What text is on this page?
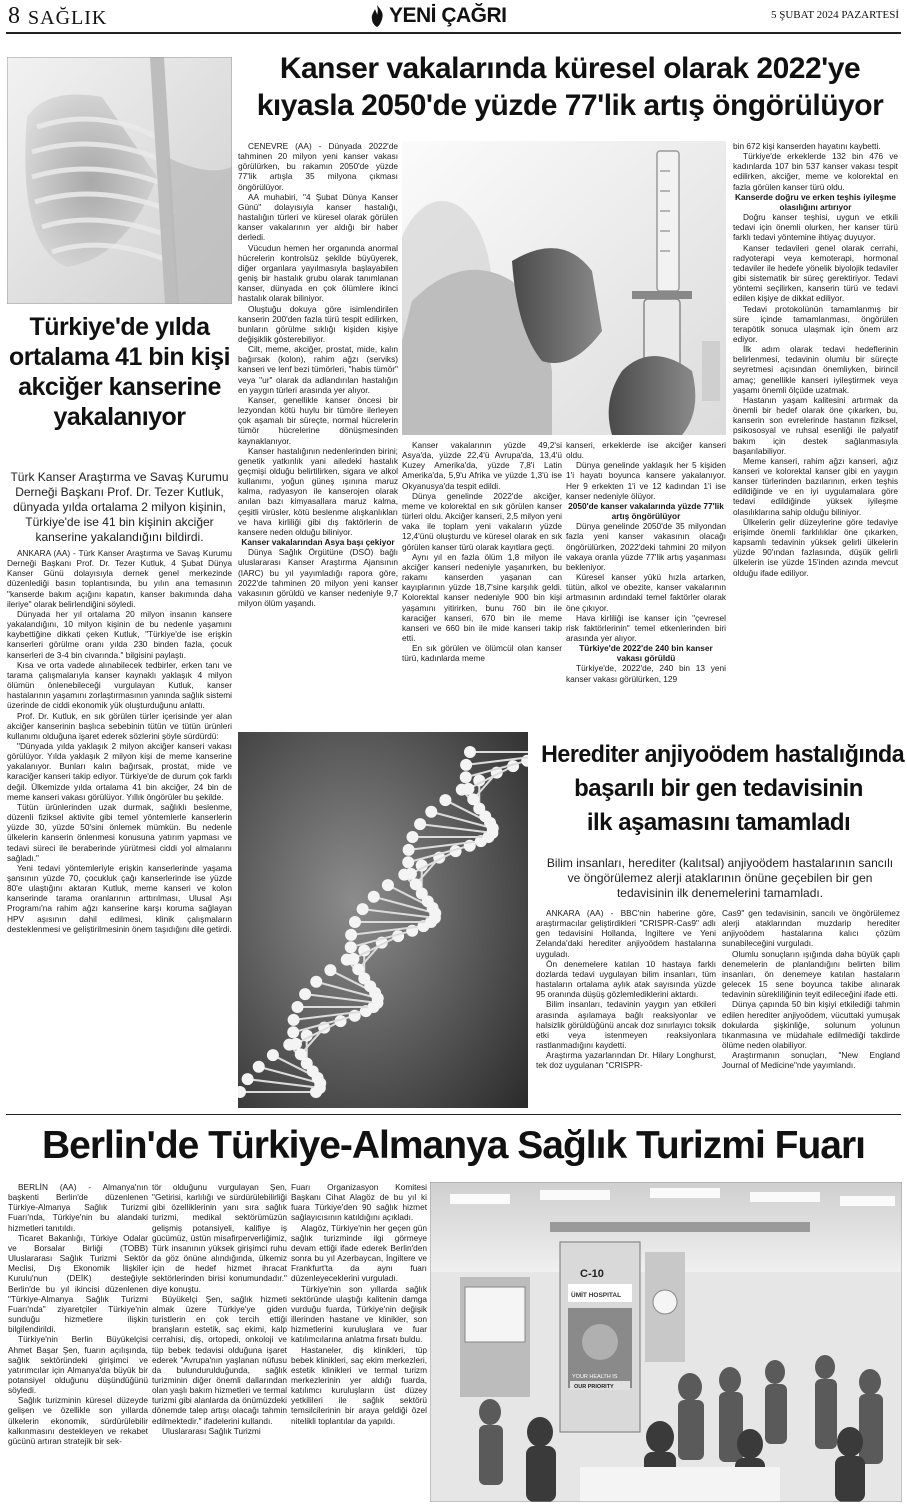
8 SAĞLIK	YENİ ÇAĞRI	5 ŞUBAT 2024 PAZARTESİ
Türkiye'de yılda
ortalama 41 bin kişi
akciğer kanserine
yakalanıyor
Türk Kanser Araştırma ve Savaş Kurumu Derneği Başkanı Prof. Dr. Tezer Kutluk, dünyada yılda ortalama 2 milyon kişinin, Türkiye'de ise 41 bin kişinin akciğer kanserine yakalandığını bildirdi.

ANKARA (AA) - Türk Kanser Araştırma ve Savaş Kurumu Derneği Başkanı Prof. Dr. Tezer Kutluk, 4 Şubat Dünya Kanser Günü dolayısıyla dernek genel merkezinde düzenlediği basın toplantısında, bu yılın ana temasının "kanserde bakım açığını kapatın, kanser bakımında daha ileriye" olarak belirlendiğini söyledi.

Dünyada her yıl ortalama 20 milyon insanın kansere yakalandığını, 10 milyon kişinin de bu nedenle yaşamını kaybettiğine dikkati çeken Kutluk, "Türkiye'de ise erişkin kanserleri görülme oranı yılda 230 binden fazla, çocuk kanserleri de 3-4 bin civarında." bilgisini paylaştı.

Kısa ve orta vadede alınabilecek tedbirler, erken tanı ve tarama çalışmalarıyla kanser kaynaklı yaklaşık 4 milyon ölümün önlenebileceği vurgulayan Kutluk, kanser hastalarının yaşamını zorlaştırmasının yanında sağlık sistemi üzerinde de ciddi ekonomik yük oluşturduğunu anlattı.

Prof. Dr. Kutluk, en sık görülen türler içerisinde yer alan akciğer kanserinin başlıca sebebinin tütün ve tütün ürünleri kullanımı olduğuna işaret ederek sözlerini şöyle sürdürdü:

"Dünyada yılda yaklaşık 2 milyon akciğer kanseri vakası görülüyor. Yılda yaklaşık 2 milyon kişi de meme kanserine yakalanıyor. Bunları kalın bağırsak, prostat, mide ve karaciğer kanseri takip ediyor. Türkiye'de de durum çok farklı değil. Ülkemizde yılda ortalama 41 bin akciğer, 24 bin de meme kanseri vakası görülüyor. Yıllık öngörüler bu şekilde.

Tütün ürünlerinden uzak durmak, sağlıklı beslenme, düzenli fiziksel aktivite gibi temel yöntemlerle kanserlerin yüzde 30, yüzde 50'sini önlemek mümkün. Bu nedenle ülkelerin kanserin önlenmesi konusuna yatırım yapması ve tedavi süreci ile beraberinde yürütmesi ciddi yol almalarını sağladı."

Yeni tedavi yöntemleriyle erişkin kanserlerinde yaşama şansının yüzde 70, çocukluk çağı kanserlerinde ise yüzde 80'e ulaştığını aktaran Kutluk, meme kanseri ve kolon kanserinde tarama oranlarının arttırılması, Ulusal Aşı Programı'na rahim ağzı kanserine karşı koruma sağlayan HPV aşısının dahil edilmesi, klinik çalışmaların desteklenmesi ve geliştirilmesinin önem taşıdığını dile getirdi.

Kanser vakalarında küresel olarak 2022'ye
kıyasla 2050'de yüzde 77'lik artış öngörülüyor

CENEVRE (AA) - Dünyada 2022'de tahminen 20 milyon yeni kanser vakası görülürken, bu rakamın 2050'de yüzde 77'lik artışla 35 milyona çıkması öngörülüyor.

AA muhabiri, "4 Şubat Dünya Kanser Günü" dolayısıyla kanser hastalığı, hastalığın türleri ve küresel olarak görülen kanser vakalarının yer aldığı bir haber derledi.

Vücudun hemen her organında anormal hücrelerin kontrolsüz şekilde büyüyerek, diğer organlara yayılmasıyla başlayabilen geniş bir hastalık grubu olarak tanımlanan kanser, dünyada en çok ölümlere ikinci hastalık olarak biliniyor.

Oluştuğu dokuya göre isimlendirilen kanserin 200'den fazla türü tespit edilirken, bunların görülme sıklığı kişiden kişiye değişiklik gösterebiliyor.

Cilt, meme, akciğer, prostat, mide, kalın bağırsak (kolon), rahim ağzı (serviks) kanseri ve lenf bezi tümörleri, "habis tümör" veya "ur" olarak da adlandırılan hastalığın en yaygın türleri arasında yer alıyor.

Kanser, genellikle kanser öncesi bir lezyondan kötü huylu bir tümöre ilerleyen çok aşamalı bir süreçte, normal hücrelerin tümör hücrelerine dönüşmesinden kaynaklanıyor.

Kanser hastalığının nedenlerinden birini; genetik yatkınlık yani ailedeki hastalık geçmişi olduğu belirtilirken, sigara ve alkol kullanımı, yoğun güneş ışınına maruz kalma, radyasyon ile kanserojen olarak anılan bazı kimyasallara maruz kalma, çeşitli virüsler, kötü beslenme alışkanlıkları ve hava kirliliği gibi dış faktörlerin de kansere neden olduğu biliniyor.

Kanser vakalarından Asya başı çekiyor

Dünya Sağlık Örgütüne (DSÖ) bağlı uluslararası Kanser Araştırma Ajansının (IARC) bu yıl yayımladığı rapora göre, 2022'de tahminen 20 milyon yeni kanser vakasının görüldü ve kanser nedeniyle 9,7 milyon ölüm yaşandı.

Kanser vakalarının yüzde 49,2'si Asya'da, yüzde 22,4'ü Avrupa'da, 13,4'ü Kuzey Amerika'da, yüzde 7,8'i Latin Amerika'da, 5,9'u Afrika ve yüzde 1,3'ü ise Okyanusya'da tespit edildi.

Dünya genelinde 2022'de akciğer, meme ve kolorektal en sık görülen kanser türleri oldu. Akciğer kanseri, 2,5 milyon yeni vaka ile toplam yeni vakaların yüzde 12,4'ünü oluşturdu ve küresel olarak en sık görülen kanser türü olarak kayıtlara geçti.

Aynı yıl en fazla ölüm 1,8 milyon ile akciğer kanseri nedeniyle yaşanırken, bu rakamı kanserden yaşanan can kayıplarının yüzde 18,7'sine karşılık geldi. Kolorektal kanser nedeniyle 900 bin kişi yaşamını yitirirken, bunu 760 bin ile karaciğer kanseri, 670 bin ile meme kanseri ve 660 bin ile mide kanseri takip etti.

En sık görülen ve ölümcül olan kanser türü, kadınlarda meme

kanseri, erkeklerde ise akciğer kanseri oldu.

Dünya genelinde yaklaşık her 5 kişiden 1'i hayatı boyunca kansere yakalanıyor. Her 9 erkekten 1'i ve 12 kadından 1'i ise kanser nedeniyle ölüyor.

2050'de kanser vakalarında yüzde 77'lik artış öngörülüyor

Dünya genelinde 2050'de 35 milyondan fazla yeni kanser vakasının olacağı öngörülürken, 2022'deki tahmini 20 milyon vakaya oranla yüzde 77'lik artış yaşanması bekleniyor.

Küresel kanser yükü hızla artarken, tütün, alkol ve obezite, kanser vakalarının artmasının ardındaki temel faktörler olarak öne çıkıyor.

Hava kirliliği ise kanser için "çevresel risk faktörlerinin" temel etkenlerinden biri arasında yer alıyor.

Türkiye'de 2022'de 240 bin kanser vakası görüldü

Türkiye'de, 2022'de, 240 bin 13 yeni kanser vakası görülürken, 129

bin 672 kişi kanserden hayatını kaybetti.

Türkiye'de erkeklerde 132 bin 476 ve kadınlarda 107 bin 537 kanser vakası tespit edilirken, akciğer, meme ve kolorektal en fazla görülen kanser türü oldu.

Kanserde doğru ve erken teşhis iyileşme olasılığını artırıyor

Doğru kanser teşhisi, uygun ve etkili tedavi için önemli olurken, her kanser türü farklı tedavi yöntemine ihtiyaç duyuyor.

Kanser tedavileri genel olarak cerrahi, radyoterapi veya kemoterapi, hormonal tedaviler ile hedefe yönelik biyolojik tedaviler gibi sistematik bir süreç gerektiriyor. Tedavi yöntemi seçilirken, kanserin türü ve tedavi edilen kişiye de dikkat ediliyor.

Tedavi protokolünün tamamlanmış bir süre içinde tamamlanması, öngörülen terapötik sonuca ulaşmak için önem arz ediyor.

İlk adım olarak tedavi hedeflerinin belirlenmesi, tedavinin olumlu bir süreçte seyretmesi açısından önemliyken, birincil amaç; genellikle kanseri iyileştirmek veya yaşamı önemli ölçüde uzatmak.

Hastanın yaşam kalitesini artırmak da önemli bir hedef olarak öne çıkarken, bu, kanserin son evrelerinde hastanın fiziksel, psikososyal ve ruhsal esenliği ile palyatif bakım için destek sağlanmasıyla başarılabiliyor.

Meme kanseri, rahim ağzı kanseri, ağız kanseri ve kolorektal kanser gibi en yaygın kanser türlerinden bazılarının, erken teşhis edildiğinde ve en iyi uygulamalara göre tedavi edildiğinde yüksek iyileşme olasılıklarına sahip olduğu biliniyor.

Ülkelerin gelir düzeylerine göre tedaviye erişimde önemli farklılıklar öne çıkarken, kapsamlı tedavinin yüksek gelirli ülkelerin yüzde 90'ından fazlasında, düşük gelirli ülkelerin ise yüzde 15'inden azında mevcut olduğu ifade ediliyor.

Herediter anjiyoödem hastalığında
başarılı bir gen tedavisinin
ilk aşamasını tamamladı
Bilim insanları, herediter (kalıtsal) anjiyoödem hastalarının sancılı ve öngörülemez alerji ataklarının önüne geçebilen bir gen tedavisinin ilk denemelerini tamamladı.

ANKARA (AA) - BBC'nin haberine göre, araştırmacılar geliştirdikleri "CRISPR-Cas9" adlı gen tedavisini Hollanda, İngiltere ve Yeni Zelanda'daki herediter anjiyoödem hastalarına uyguladı.

Ön denemelere katılan 10 hastaya farklı dozlarda tedavi uygulayan bilim insanları, tüm hastaların ortalama aylık atak sayısında yüzde 95 oranında düşüş gözlemlediklerini aktardı.

Bilim insanları, tedavinin yaygın yan etkileri arasında aşılamaya bağlı reaksiyonlar ve halsizlik görüldüğünü ancak doz sınırlayıcı toksik etki veya istenmeyen reaksiyonlara rastlanmadığını kaydetti.

Araştırma yazarlarından Dr. Hilary Longhurst, tek doz uygulanan "CRISPR-

Cas9" gen tedavisinin, sancılı ve öngörülemez alerji ataklarından muzdarip herediter anjiyoödem hastalarına kalıcı çözüm sunabileceğini vurguladı.

Olumlu sonuçların ışığında daha büyük çaplı denemelerin de planlandığını belirten bilim insanları, ön denemeye katılan hastaların gelecek 15 sene boyunca takibe alınarak tedavinin sürekliliğinin teyit edileceğini ifade etti.

Dünya çapında 50 bin kişiyi etkilediği tahmin edilen herediter anjiyoödem, vücuttaki yumuşak dokularda şişkinliğe, solunum yolunun tıkanmasına ve müdahale edilmediği takdirde ölüme neden olabiliyor.

Araştırmanın sonuçları, "New England Journal of Medicine"nde yayımlandı.

Berlin'de Türkiye-Almanya Sağlık Turizmi Fuarı

BERLİN (AA) - Almanya'nın başkenti Berlin'de düzenlenen Türkiye-Almanya Sağlık Turizmi Fuarı'nda, Türkiye'nin bu alandaki hizmetleri tanıtıldı.

Ticaret Bakanlığı, Türkiye Odalar ve Borsalar Birliği (TOBB) Uluslararası Sağlık Turizmi Sektör Meclisi, Dış Ekonomik İlişkiler Kurulu'nun (DEİK) desteğiyle Berlin'de bu yıl ikincisi düzenlenen "Türkiye-Almanya Sağlık Turizmi Fuarı'nda" ziyaretçiler Türkiye'nin sunduğu hizmetlere ilişkin bilgilendirildi.

Türkiye'nin Berlin Büyükelçisi Ahmet Başar Şen, fuarın açılışında, sağlık sektöründeki girişimci ve yatırımcılar için Almanya'da büyük bir potansiyel olduğunu düşündüğünü söyledi.

Sağlık turizminin küresel düzeyde gelişen ve özellikle son yıllarda ülkelerin ekonomik, sürdürülebilir kalkınmasını destekleyen ve rekabet gücünü artıran stratejik bir sek-

tör olduğunu vurgulayan Şen, "Getirisi, karlılığı ve sürdürülebilirliği gibi özelliklerinin yanı sıra sağlık turizmi, medikal sektörümüzün gelişmiş potansiyeli, kalifiye iş gücümüz, üstün misafirperverliğimiz, Türk insanının yüksek girişimci ruhu da göz önüne alındığında, ülkemiz için de hedef hizmet ihracat sektörlerinden birisi konumundadır." diye konuştu.

Büyükelçi Şen, sağlık hizmeti almak üzere Türkiye'ye giden turistlerin en çok tercih ettiği branşların estetik, saç ekimi, kalp cerrahisi, diş, ortopedi, onkoloji ve tüp bebek tedavisi olduğuna işaret ederek "Avrupa'nın yaşlanan nüfusu da bulundurulduğunda, sağlık turizminin diğer önemli dallarından olan yaşlı bakım hizmetleri ve termal turizmi gibi alanlarda da önümüzdeki dönemde talep artışı olacağı tahmin edilmektedir." ifadelerini kullandı.

Uluslararası Sağlık Turizmi

Fuarı Organizasyon Komitesi Başkanı Cihat Alagöz de bu yıl ki fuara Türkiye'den 90 sağlık hizmet sağlayıcısının katıldığını açıkladı.

Alagöz, Türkiye'nin her geçen gün sağlık turizminde ilgi görmeye devam ettiği ifade ederek Berlin'den sonra bu yıl Azerbaycan, İngiltere ve Frankfurt'ta da aynı fuarı düzenleyeceklerini vurguladı.

Türkiye'nin son yıllarda sağlık sektöründe ulaştığı kalitenin damga vurduğu fuarda, Türkiye'nin değişik illerinden hastane ve klinikler, son hizmetlerini kuruluşlara ve fuar katılımcılarına anlatma fırsatı buldu.

Hastaneler, diş klinikleri, tüp bebek klinikleri, saç ekim merkezleri, estetik klinikleri ve termal turizm merkezlerinin yer aldığı fuarda, katılımcı kuruluşların üst düzey yetkilileri ile sağlık sektörü temsilcilerinin bir araya geldiği özel nitelikli toplantılar da yapıldı.

C-10
ÜMİT HOSPITAL
YOUR HEALTH IS
OUR PRIORITY
